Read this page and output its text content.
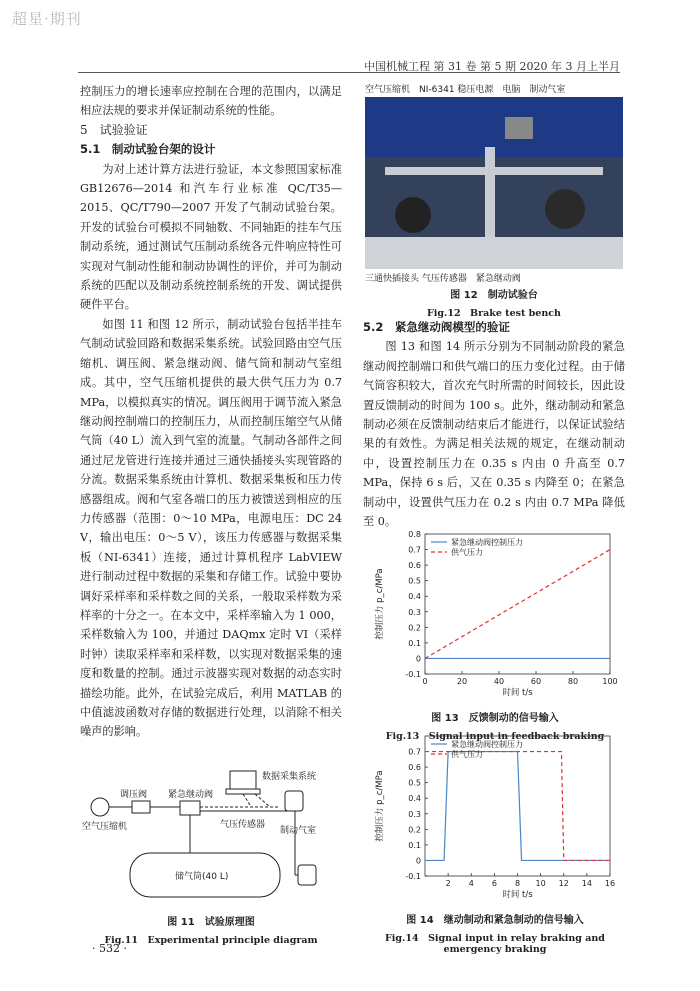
超星·期刊
中国机械工程 第 31 卷 第 5 期 2020 年 3 月上半月

控制压力的增长速率应控制在合理的范围内，以满足相应法规的要求并保证制动系统的性能。

5　试验验证

5.1　制动试验台架的设计

为对上述计算方法进行验证，本文参照国家标准 GB12676—2014 和汽车行业标准 QC/T35—2015、QC/T790—2007 开发了气制动试验台架。开发的试验台可模拟不同轴数、不同轴距的挂车气压制动系统，通过测试气压制动系统各元件响应特性可实现对气制动性能和制动协调性的评价，并可为制动系统的匹配以及制动系统控制系统的开发、调试提供硬件平台。

如图 11 和图 12 所示，制动试验台包括半挂车气制动试验回路和数据采集系统。试验回路由空气压缩机、调压阀、紧急继动阀、储气筒和制动气室组成。其中，空气压缩机提供的最大供气压力为 0.7 MPa，以模拟真实的情况。调压阀用于调节流入紧急继动阀控制端口的控制压力，从而控制压缩空气从储气筒（40 L）流入到气室的流量。气制动各部件之间通过尼龙管进行连接并通过三通快插接头实现管路的分流。数据采集系统由计算机、数据采集板和压力传感器组成。阀和气室各端口的压力被馈送到相应的压力传感器（范围：0～10 MPa，电源电压：DC 24 V，输出电压：0～5 V），该压力传感器与数据采集板（NI-6341）连接，通过计算机程序 LabVIEW 进行制动过程中数据的采集和存储工作。试验中要协调好采样率和采样数之间的关系，一般取采样数为采样率的十分之一。在本文中，采样率输入为 1 000，采样数输入为 100，并通过 DAQmx 定时 VI（采样时钟）读取采样率和采样数，以实现对数据采集的速度和数量的控制。通过示波器实现对数据的动态实时描绘功能。此外，在试验完成后，利用 MATLAB 的中值滤波函数对存储的数据进行处理，以消除不相关噪声的影响。

数据采集系统
调压阀 紧急继动阀
气压传感器
制动气室
空气压缩机
储气筒(40 L)
图 11　试验原理图
Fig.11　Experimental principle diagram
· 532 ·
空气压缩机　NI-6341 稳压电源　电脑　制动气室
三通快插接头 气压传感器　紧急继动阀
图 12　制动试验台
Fig.12　Brake test bench

5.2　紧急继动阀模型的验证

图 13 和图 14 所示分别为不同制动阶段的紧急继动阀控制端口和供气端口的压力变化过程。由于储气筒容积较大，首次充气时所需的时间较长，因此设置反馈制动的时间为 100 s。此外，继动制动和紧急制动必须在反馈制动结束后才能进行，以保证试验结果的有效性。为满足相关法规的规定，在继动制动中，设置控制压力在 0.35 s 内由 0 升高至 0.7 MPa，保持 6 s 后，又在 0.35 s 内降至 0；在紧急制动中，设置供气压力在 0.2 s 内由 0.7 MPa 降低至 0。

-0.1
0
0.1
0.2
0.3
0.4
0.5
0.6
0.7
0.8
0	20	40	60	80	100
时间 t/s
控制压力 p_c/MPa
紧急继动阀控制压力
供气压力
图 13　反馈制动的信号输入
Fig.13　Signal input in feedback braking
-0.1
0
0.1
0.2
0.3
0.4
0.5
0.6
0.7
2 4 6 8 10 12 14 16
时间 t/s
控制压力 p_c/MPa
紧急继动阀控制压力
供气压力
图 14　继动制动和紧急制动的信号输入
Fig.14　Signal input in relay braking and emergency braking
